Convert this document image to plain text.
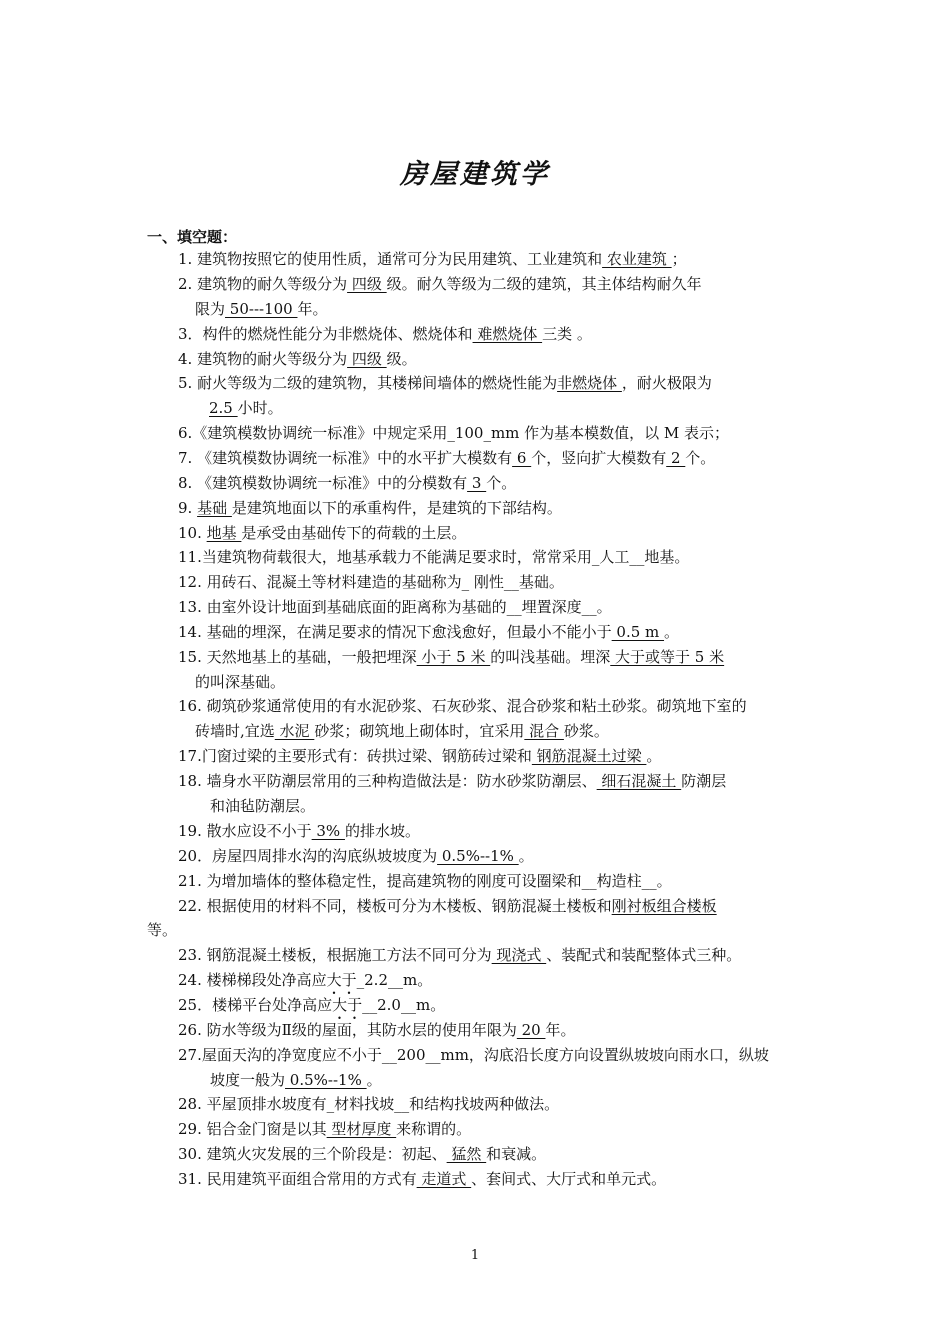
房屋建筑学
一、填空题：
1. 建筑物按照它的使用性质，通常可分为民用建筑、工业建筑和 农业建筑 ；
2. 建筑物的耐久等级分为 四级 级。耐久等级为二级的建筑，其主体结构耐久年
限为 50---100 年。
3．构件的燃烧性能分为非燃烧体、燃烧体和 难燃烧体 三类 。
4. 建筑物的耐火等级分为 四级 级。
5. 耐火等级为二级的建筑物，其楼梯间墙体的燃烧性能为非燃烧体 ，耐火极限为
2.5 小时。
6.《建筑模数协调统一标准》中规定采用_100_mm 作为基本模数值，以 M 表示；
7. 《建筑模数协调统一标准》中的水平扩大模数有 6 个，竖向扩大模数有 2 个。
8. 《建筑模数协调统一标准》中的分模数有 3 个。
9. 基础 是建筑地面以下的承重构件，是建筑的下部结构。
10. 地基 是承受由基础传下的荷载的土层。
11.当建筑物荷载很大，地基承载力不能满足要求时，常常采用_人工__地基。
12. 用砖石、混凝土等材料建造的基础称为_ 刚性__基础。
13. 由室外设计地面到基础底面的距离称为基础的__埋置深度__。
14. 基础的埋深，在满足要求的情况下愈浅愈好，但最小不能小于 0.5 m 。
15. 天然地基上的基础，一般把埋深 小于 5 米 的叫浅基础。埋深 大于或等于 5 米
的叫深基础。
16. 砌筑砂浆通常使用的有水泥砂浆、石灰砂浆、混合砂浆和粘土砂浆。砌筑地下室的
砖墙时,宜选 水泥 砂浆；砌筑地上砌体时，宜采用 混合 砂浆。
17.门窗过梁的主要形式有：砖拱过梁、钢筋砖过梁和 钢筋混凝土过梁 。
18. 墙身水平防潮层常用的三种构造做法是：防水砂浆防潮层、 细石混凝土 防潮层
和油毡防潮层。
19. 散水应设不小于 3% 的排水坡。
20．房屋四周排水沟的沟底纵坡坡度为 0.5%--1% 。
21. 为增加墙体的整体稳定性，提高建筑物的刚度可设圈梁和__构造柱__。
22. 根据使用的材料不同，楼板可分为木楼板、钢筋混凝土楼板和刚衬板组合楼板
等。
23. 钢筋混凝土楼板，根据施工方法不同可分为 现浇式 、装配式和装配整体式三种。
24. 楼梯梯段处净高应大于_2.2__m。
25．楼梯平台处净高应大于__2.0__m。
26. 防水等级为Ⅱ级的屋面，其防水层的使用年限为 20 年。
27.屋面天沟的净宽度应不小于__200__mm，沟底沿长度方向设置纵坡坡向雨水口，纵坡
坡度一般为 0.5%--1% 。
28. 平屋顶排水坡度有_材料找坡__和结构找坡两种做法。
29. 铝合金门窗是以其 型材厚度 来称谓的。
30. 建筑火灾发展的三个阶段是：初起、 猛然 和衰减。
31. 民用建筑平面组合常用的方式有 走道式 、套间式、大厅式和单元式。
1
